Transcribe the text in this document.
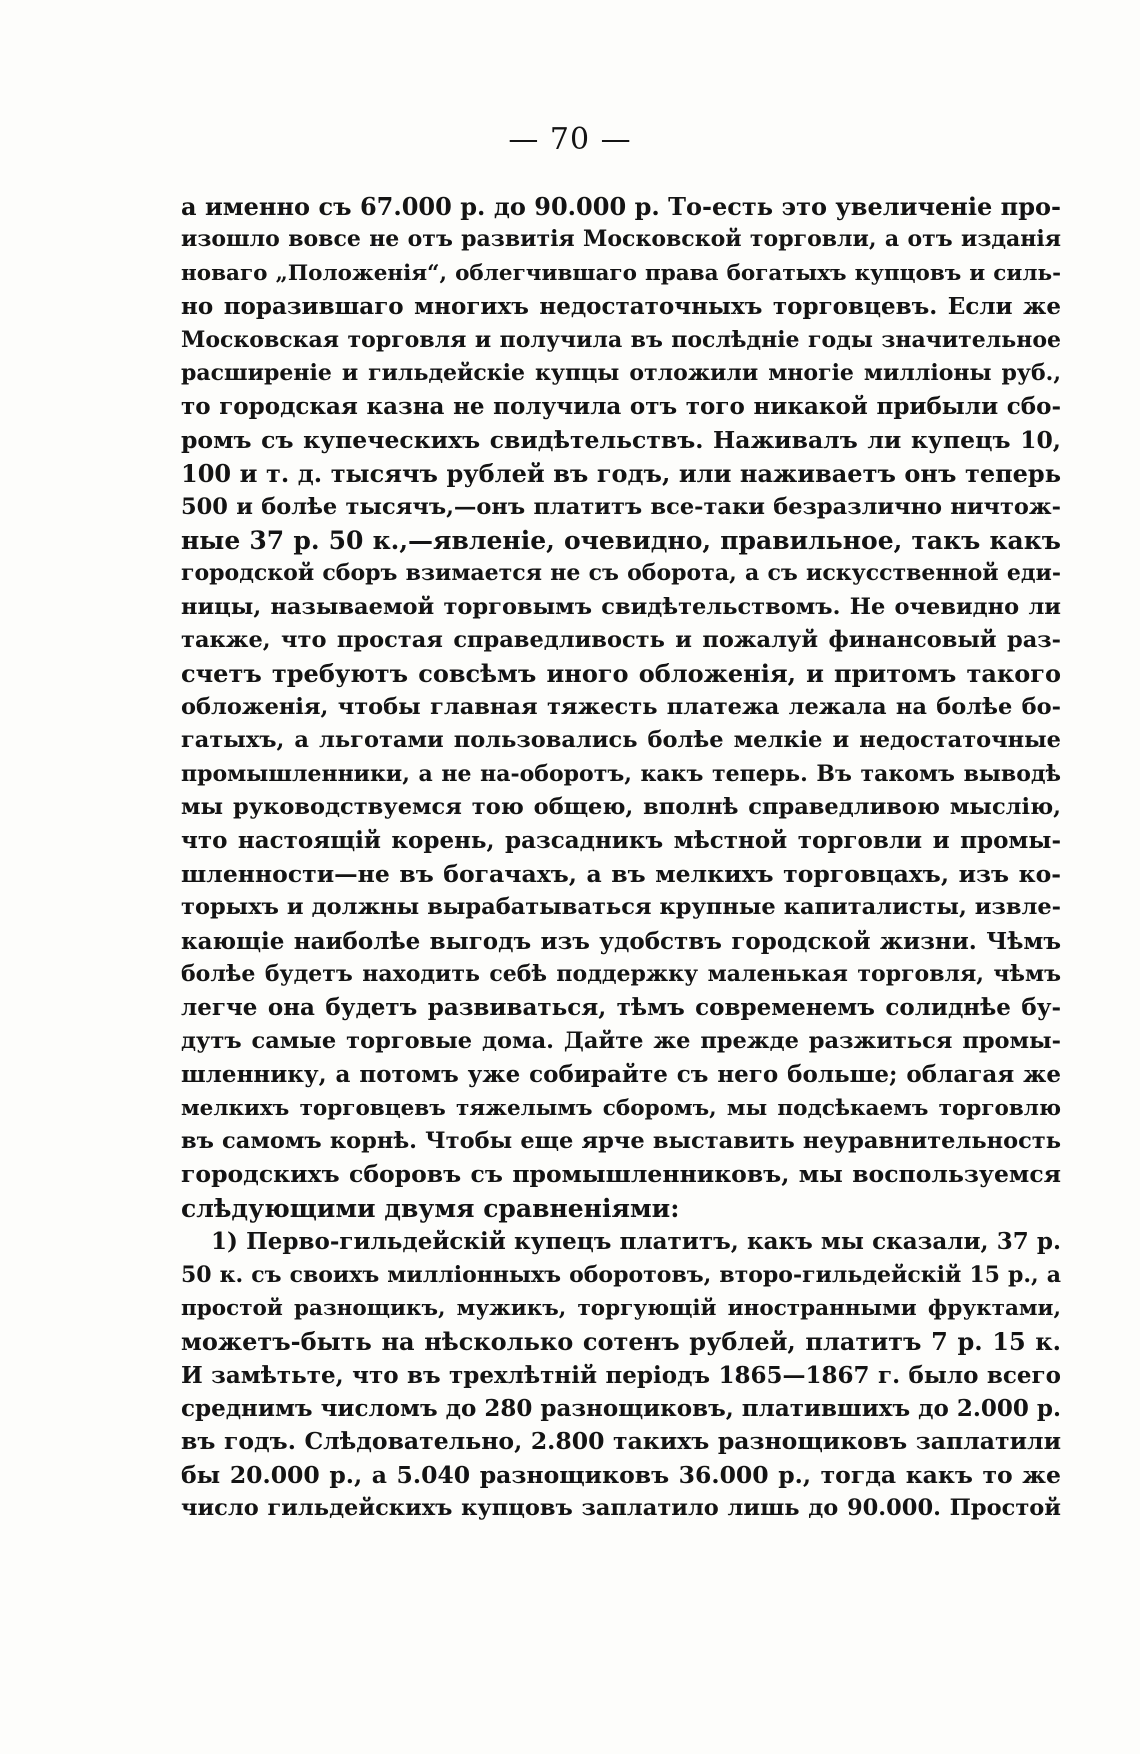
— 70 —
а именно съ 67.000 р. до 90.000 р. То-есть это увеличеніе про-
изошло вовсе не отъ развитія Московской торговли, а отъ изданія
новаго „Положенія“, облегчившаго права богатыхъ купцовъ и силь-
но поразившаго многихъ недостаточныхъ торговцевъ. Если же
Московская торговля и получила въ послѣдніе годы значительное
расширеніе и гильдейскіе купцы отложили многіе милліоны руб.,
то городская казна не получила отъ того никакой прибыли сбо-
ромъ съ купеческихъ свидѣтельствъ. Наживалъ ли купецъ 10,
100 и т. д. тысячъ рублей въ годъ, или наживаетъ онъ теперь
500 и болѣе тысячъ,—онъ платитъ все-таки безразлично ничтож-
ные 37 р. 50 к.,—явленіе, очевидно, правильное, такъ какъ
городской сборъ взимается не съ оборота, а съ искусственной еди-
ницы, называемой торговымъ свидѣтельствомъ. Не очевидно ли
также, что простая справедливость и пожалуй финансовый раз-
счетъ требуютъ совсѣмъ иного обложенія, и притомъ такого
обложенія, чтобы главная тяжесть платежа лежала на болѣе бо-
гатыхъ, а льготами пользовались болѣе мелкіе и недостаточные
промышленники, а не на-оборотъ, какъ теперь. Въ такомъ выводѣ
мы руководствуемся тою общею, вполнѣ справедливою мыслію,
что настоящій корень, разсадникъ мѣстной торговли и промы-
шленности—не въ богачахъ, а въ мелкихъ торговцахъ, изъ ко-
торыхъ и должны вырабатываться крупные капиталисты, извле-
кающіе наиболѣе выгодъ изъ удобствъ городской жизни. Чѣмъ
болѣе будетъ находить себѣ поддержку маленькая торговля, чѣмъ
легче она будетъ развиваться, тѣмъ современемъ солиднѣе бу-
дутъ самые торговые дома. Дайте же прежде разжиться промы-
шленнику, а потомъ уже собирайте съ него больше; облагая же
мелкихъ торговцевъ тяжелымъ сборомъ, мы подсѣкаемъ торговлю
въ самомъ корнѣ. Чтобы еще ярче выставить неуравнительность
городскихъ сборовъ съ промышленниковъ, мы воспользуемся
слѣдующими двумя сравненіями:
1) Перво-гильдейскій купецъ платитъ, какъ мы сказали, 37 р.
50 к. съ своихъ милліонныхъ оборотовъ, второ-гильдейскій 15 р., а
простой разнощикъ, мужикъ, торгующій иностранными фруктами,
можетъ-быть на нѣсколько сотенъ рублей, платитъ 7 р. 15 к.
И замѣтьте, что въ трехлѣтній періодъ 1865—1867 г. было всего
среднимъ числомъ до 280 разнощиковъ, платившихъ до 2.000 р.
въ годъ. Слѣдовательно, 2.800 такихъ разнощиковъ заплатили
бы 20.000 р., а 5.040 разнощиковъ 36.000 р., тогда какъ то же
число гильдейскихъ купцовъ заплатило лишь до 90.000. Простой
